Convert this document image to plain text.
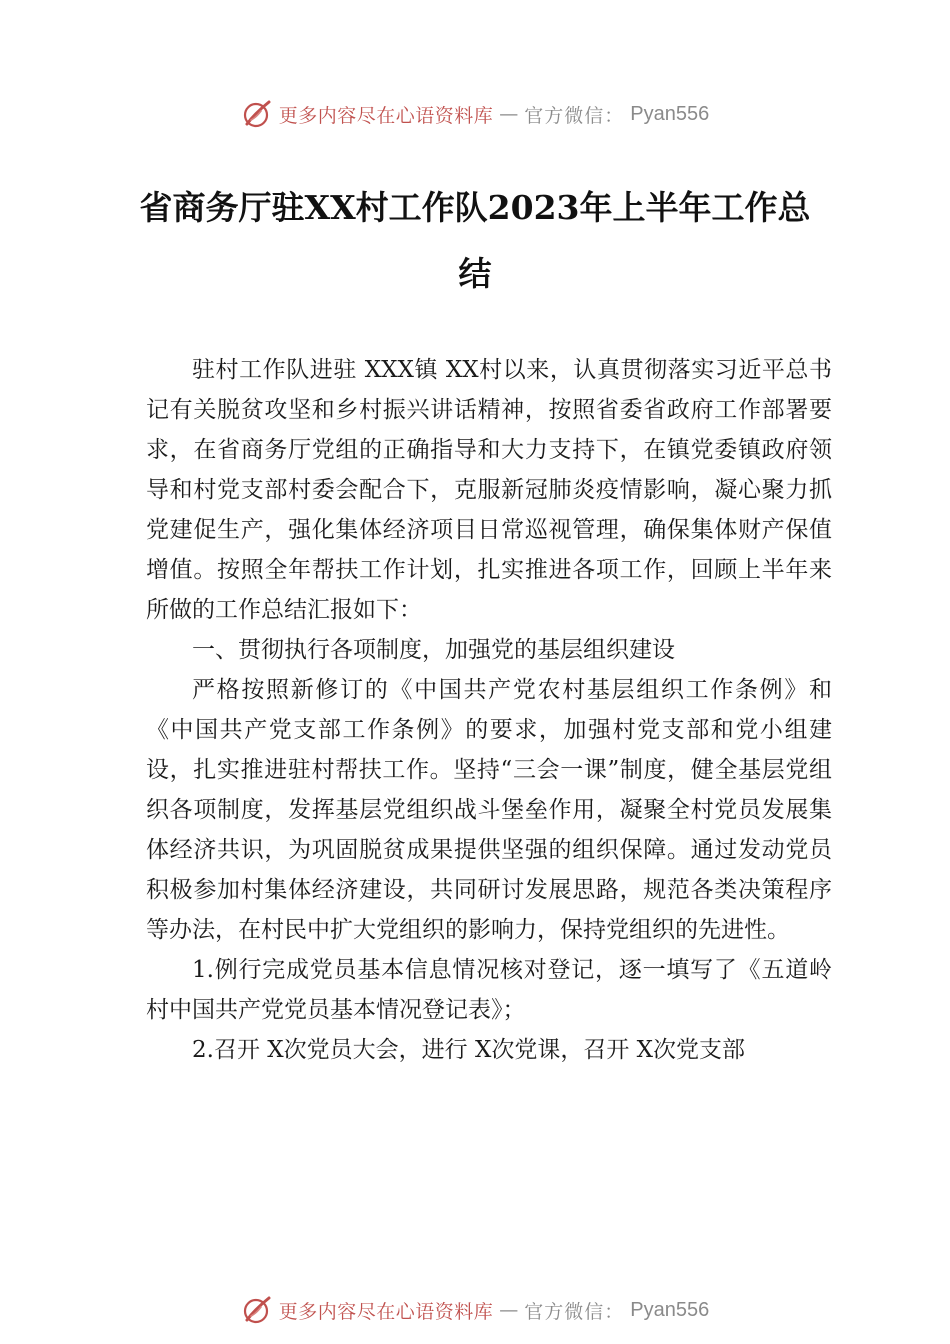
更多内容尽在心语资料库 — 官方微信： Pyan556
省商务厅驻XX村工作队2023年上半年工作总结

驻村工作队进驻 XXX镇 XX村以来，认真贯彻落实习近平总书记有关脱贫攻坚和乡村振兴讲话精神，按照省委省政府工作部署要求，在省商务厅党组的正确指导和大力支持下，在镇党委镇政府领导和村党支部村委会配合下，克服新冠肺炎疫情影响，凝心聚力抓党建促生产，强化集体经济项目日常巡视管理，确保集体财产保值增值。按照全年帮扶工作计划，扎实推进各项工作，回顾上半年来所做的工作总结汇报如下：

一、贯彻执行各项制度，加强党的基层组织建设

严格按照新修订的《中国共产党农村基层组织工作条例》和《中国共产党支部工作条例》的要求，加强村党支部和党小组建设，扎实推进驻村帮扶工作。坚持“三会一课”制度，健全基层党组织各项制度，发挥基层党组织战斗堡垒作用，凝聚全村党员发展集体经济共识，为巩固脱贫成果提供坚强的组织保障。通过发动党员积极参加村集体经济建设，共同研讨发展思路，规范各类决策程序等办法，在村民中扩大党组织的影响力，保持党组织的先进性。

1.例行完成党员基本信息情况核对登记，逐一填写了《五道岭村中国共产党党员基本情况登记表》；

2.召开 X次党员大会，进行 X次党课，召开 X次党支部

更多内容尽在心语资料库 — 官方微信： Pyan556
